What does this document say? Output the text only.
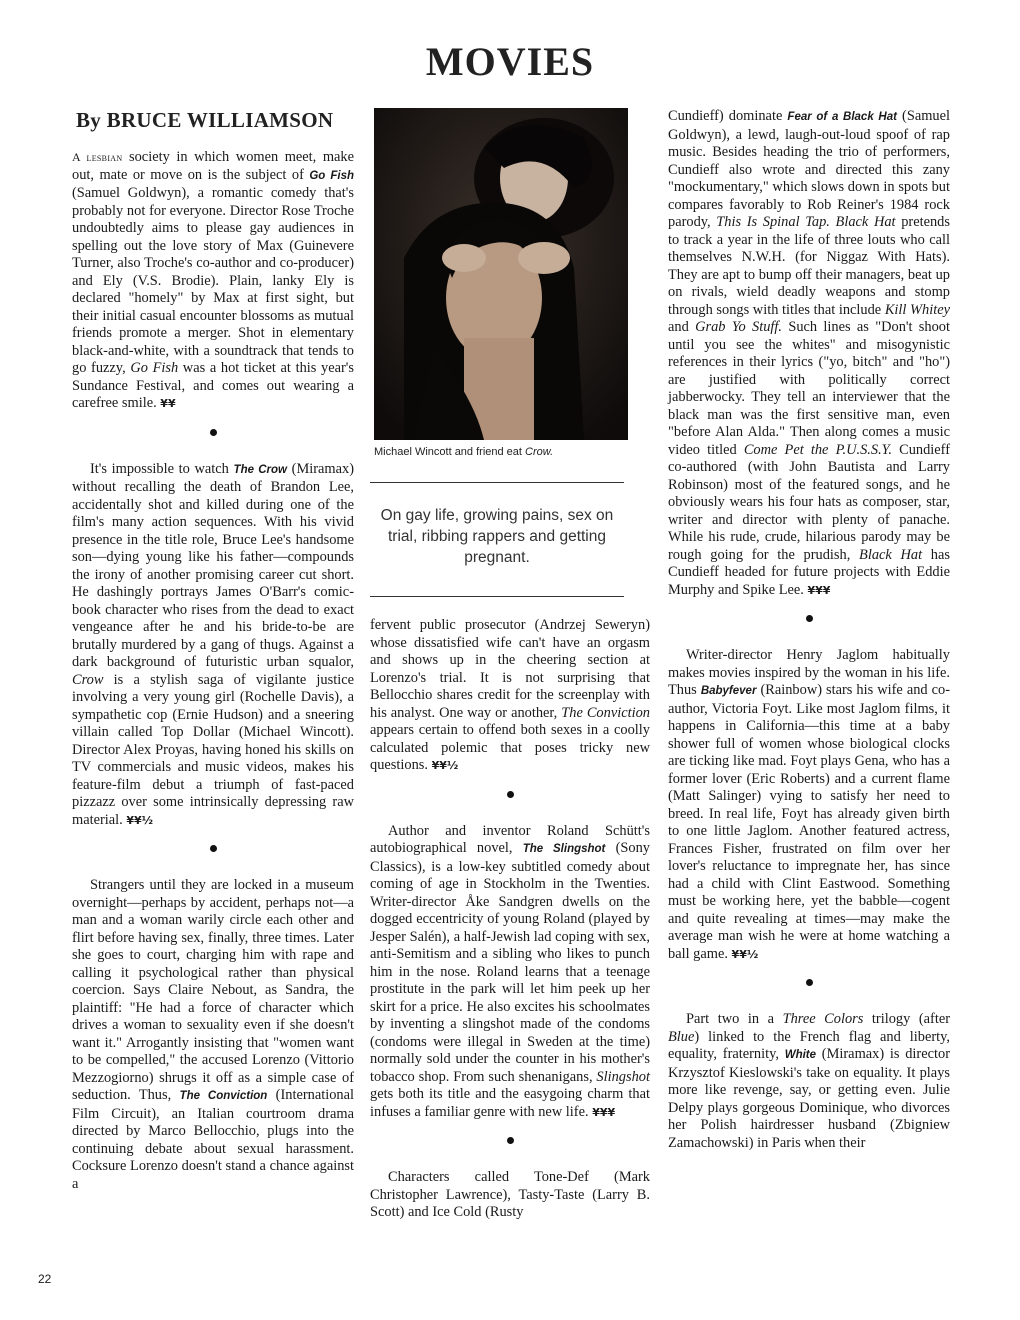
MOVIES
By BRUCE WILLIAMSON

A lesbian society in which women meet, make out, mate or move on is the subject of Go Fish (Samuel Goldwyn), a romantic comedy that's probably not for everyone. Director Rose Troche undoubtedly aims to please gay audiences in spelling out the love story of Max (Guinevere Turner, also Troche's co-author and co-producer) and Ely (V.S. Brodie). Plain, lanky Ely is declared "homely" by Max at first sight, but their initial casual encounter blossoms as mutual friends promote a merger. Shot in elementary black-and-white, with a soundtrack that tends to go fuzzy, Go Fish was a hot ticket at this year's Sundance Festival, and comes out wearing a carefree smile. ¥¥

It's impossible to watch The Crow (Miramax) without recalling the death of Brandon Lee, accidentally shot and killed during one of the film's many action sequences. With his vivid presence in the title role, Bruce Lee's handsome son—dying young like his father—compounds the irony of another promising career cut short. He dashingly portrays James O'Barr's comic-book character who rises from the dead to exact vengeance after he and his bride-to-be are brutally murdered by a gang of thugs. Against a dark background of futuristic urban squalor, Crow is a stylish saga of vigilante justice involving a very young girl (Rochelle Davis), a sympathetic cop (Ernie Hudson) and a sneering villain called Top Dollar (Michael Wincott). Director Alex Proyas, having honed his skills on TV commercials and music videos, makes his feature-film debut a triumph of fast-paced pizzazz over some intrinsically depressing raw material. ¥¥½

Strangers until they are locked in a museum overnight—perhaps by accident, perhaps not—a man and a woman warily circle each other and flirt before having sex, finally, three times. Later she goes to court, charging him with rape and calling it psychological rather than physical coercion. Says Claire Nebout, as Sandra, the plaintiff: "He had a force of character which drives a woman to sexuality even if she doesn't want it." Arrogantly insisting that "women want to be compelled," the accused Lorenzo (Vittorio Mezzogiorno) shrugs it off as a simple case of seduction. Thus, The Conviction (International Film Circuit), an Italian courtroom drama directed by Marco Bellocchio, plugs into the continuing debate about sexual harassment. Cocksure Lorenzo doesn't stand a chance against a

Michael Wincott and friend eat Crow.
On gay life, growing pains, sex on trial, ribbing rappers and getting pregnant.

fervent public prosecutor (Andrzej Seweryn) whose dissatisfied wife can't have an orgasm and shows up in the cheering section at Lorenzo's trial. It is not surprising that Bellocchio shares credit for the screenplay with his analyst. One way or another, The Conviction appears certain to offend both sexes in a coolly calculated polemic that poses tricky new questions. ¥¥½

Author and inventor Roland Schütt's autobiographical novel, The Slingshot (Sony Classics), is a low-key subtitled comedy about coming of age in Stockholm in the Twenties. Writer-director Åke Sandgren dwells on the dogged eccentricity of young Roland (played by Jesper Salén), a half-Jewish lad coping with sex, anti-Semitism and a sibling who likes to punch him in the nose. Roland learns that a teenage prostitute in the park will let him peek up her skirt for a price. He also excites his schoolmates by inventing a slingshot made of the condoms (condoms were illegal in Sweden at the time) normally sold under the counter in his mother's tobacco shop. From such shenanigans, Slingshot gets both its title and the easygoing charm that infuses a familiar genre with new life. ¥¥¥

Characters called Tone-Def (Mark Christopher Lawrence), Tasty-Taste (Larry B. Scott) and Ice Cold (Rusty

Cundieff) dominate Fear of a Black Hat (Samuel Goldwyn), a lewd, laugh-out-loud spoof of rap music. Besides heading the trio of performers, Cundieff also wrote and directed this zany "mockumentary," which slows down in spots but compares favorably to Rob Reiner's 1984 rock parody, This Is Spinal Tap. Black Hat pretends to track a year in the life of three louts who call themselves N.W.H. (for Niggaz With Hats). They are apt to bump off their managers, beat up on rivals, wield deadly weapons and stomp through songs with titles that include Kill Whitey and Grab Yo Stuff. Such lines as "Don't shoot until you see the whites" and misogynistic references in their lyrics ("yo, bitch" and "ho") are justified with politically correct jabberwocky. They tell an interviewer that the black man was the first sensitive man, even "before Alan Alda." Then along comes a music video titled Come Pet the P.U.S.S.Y. Cundieff co-authored (with John Bautista and Larry Robinson) most of the featured songs, and he obviously wears his four hats as composer, star, writer and director with plenty of panache. While his rude, crude, hilarious parody may be rough going for the prudish, Black Hat has Cundieff headed for future projects with Eddie Murphy and Spike Lee. ¥¥¥

Writer-director Henry Jaglom habitually makes movies inspired by the woman in his life. Thus Babyfever (Rainbow) stars his wife and co-author, Victoria Foyt. Like most Jaglom films, it happens in California—this time at a baby shower full of women whose biological clocks are ticking like mad. Foyt plays Gena, who has a former lover (Eric Roberts) and a current flame (Matt Salinger) vying to satisfy her need to breed. In real life, Foyt has already given birth to one little Jaglom. Another featured actress, Frances Fisher, frustrated on film over her lover's reluctance to impregnate her, has since had a child with Clint Eastwood. Something must be working here, yet the babble—cogent and quite revealing at times—may make the average man wish he were at home watching a ball game. ¥¥½

Part two in a Three Colors trilogy (after Blue) linked to the French flag and liberty, equality, fraternity, White (Miramax) is director Krzysztof Kieslowski's take on equality. It plays more like revenge, say, or getting even. Julie Delpy plays gorgeous Dominique, who divorces her Polish hairdresser husband (Zbigniew Zamachowski) in Paris when their

22
